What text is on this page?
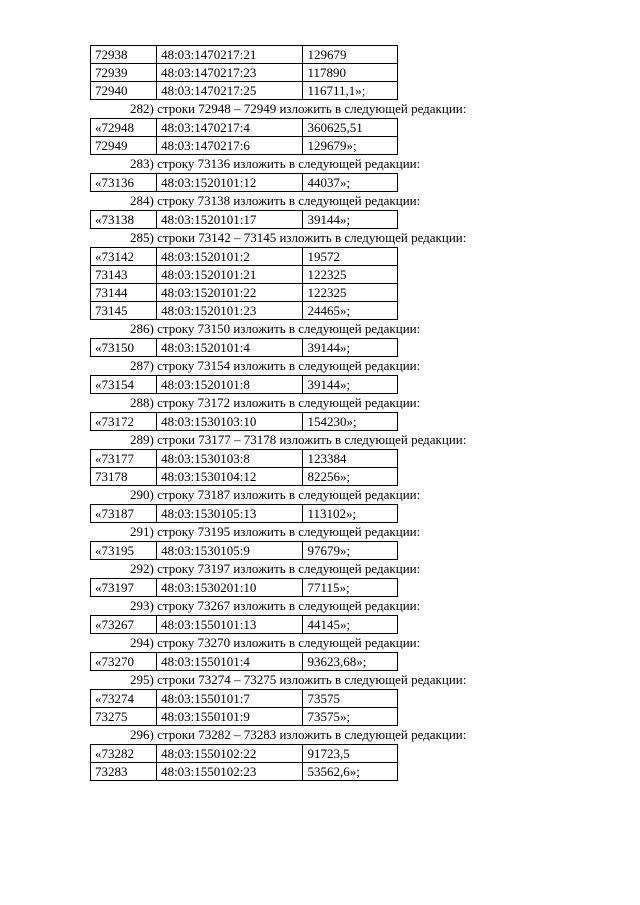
72938	48:03:1470217:21	129679
72939	48:03:1470217:23	117890
72940	48:03:1470217:25	116711,1»;
282) строки 72948 – 72949 изложить в следующей редакции:
«72948	48:03:1470217:4	360625,51
72949	48:03:1470217:6	129679»;
283) строку 73136 изложить в следующей редакции:
«73136	48:03:1520101:12	44037»;
284) строку 73138 изложить в следующей редакции:
«73138	48:03:1520101:17	39144»;
285) строки 73142 – 73145 изложить в следующей редакции:
«73142	48:03:1520101:2	19572
73143	48:03:1520101:21	122325
73144	48:03:1520101:22	122325
73145	48:03:1520101:23	24465»;
286) строку 73150 изложить в следующей редакции:
«73150	48:03:1520101:4	39144»;
287) строку 73154 изложить в следующей редакции:
«73154	48:03:1520101:8	39144»;
288) строку 73172 изложить в следующей редакции:
«73172	48:03:1530103:10	154230»;
289) строки 73177 – 73178 изложить в следующей редакции:
«73177	48:03:1530103:8	123384
73178	48:03:1530104:12	82256»;
290) строку 73187 изложить в следующей редакции:
«73187	48:03:1530105:13	113102»;
291) строку 73195 изложить в следующей редакции:
«73195	48:03:1530105:9	97679»;
292) строку 73197 изложить в следующей редакции:
«73197	48:03:1530201:10	77115»;
293) строку 73267 изложить в следующей редакции:
«73267	48:03:1550101:13	44145»;
294) строку 73270 изложить в следующей редакции:
«73270	48:03:1550101:4	93623,68»;
295) строки 73274 – 73275 изложить в следующей редакции:
«73274	48:03:1550101:7	73575
73275	48:03:1550101:9	73575»;
296) строки 73282 – 73283 изложить в следующей редакции:
«73282	48:03:1550102:22	91723,5
73283	48:03:1550102:23	53562,6»;
